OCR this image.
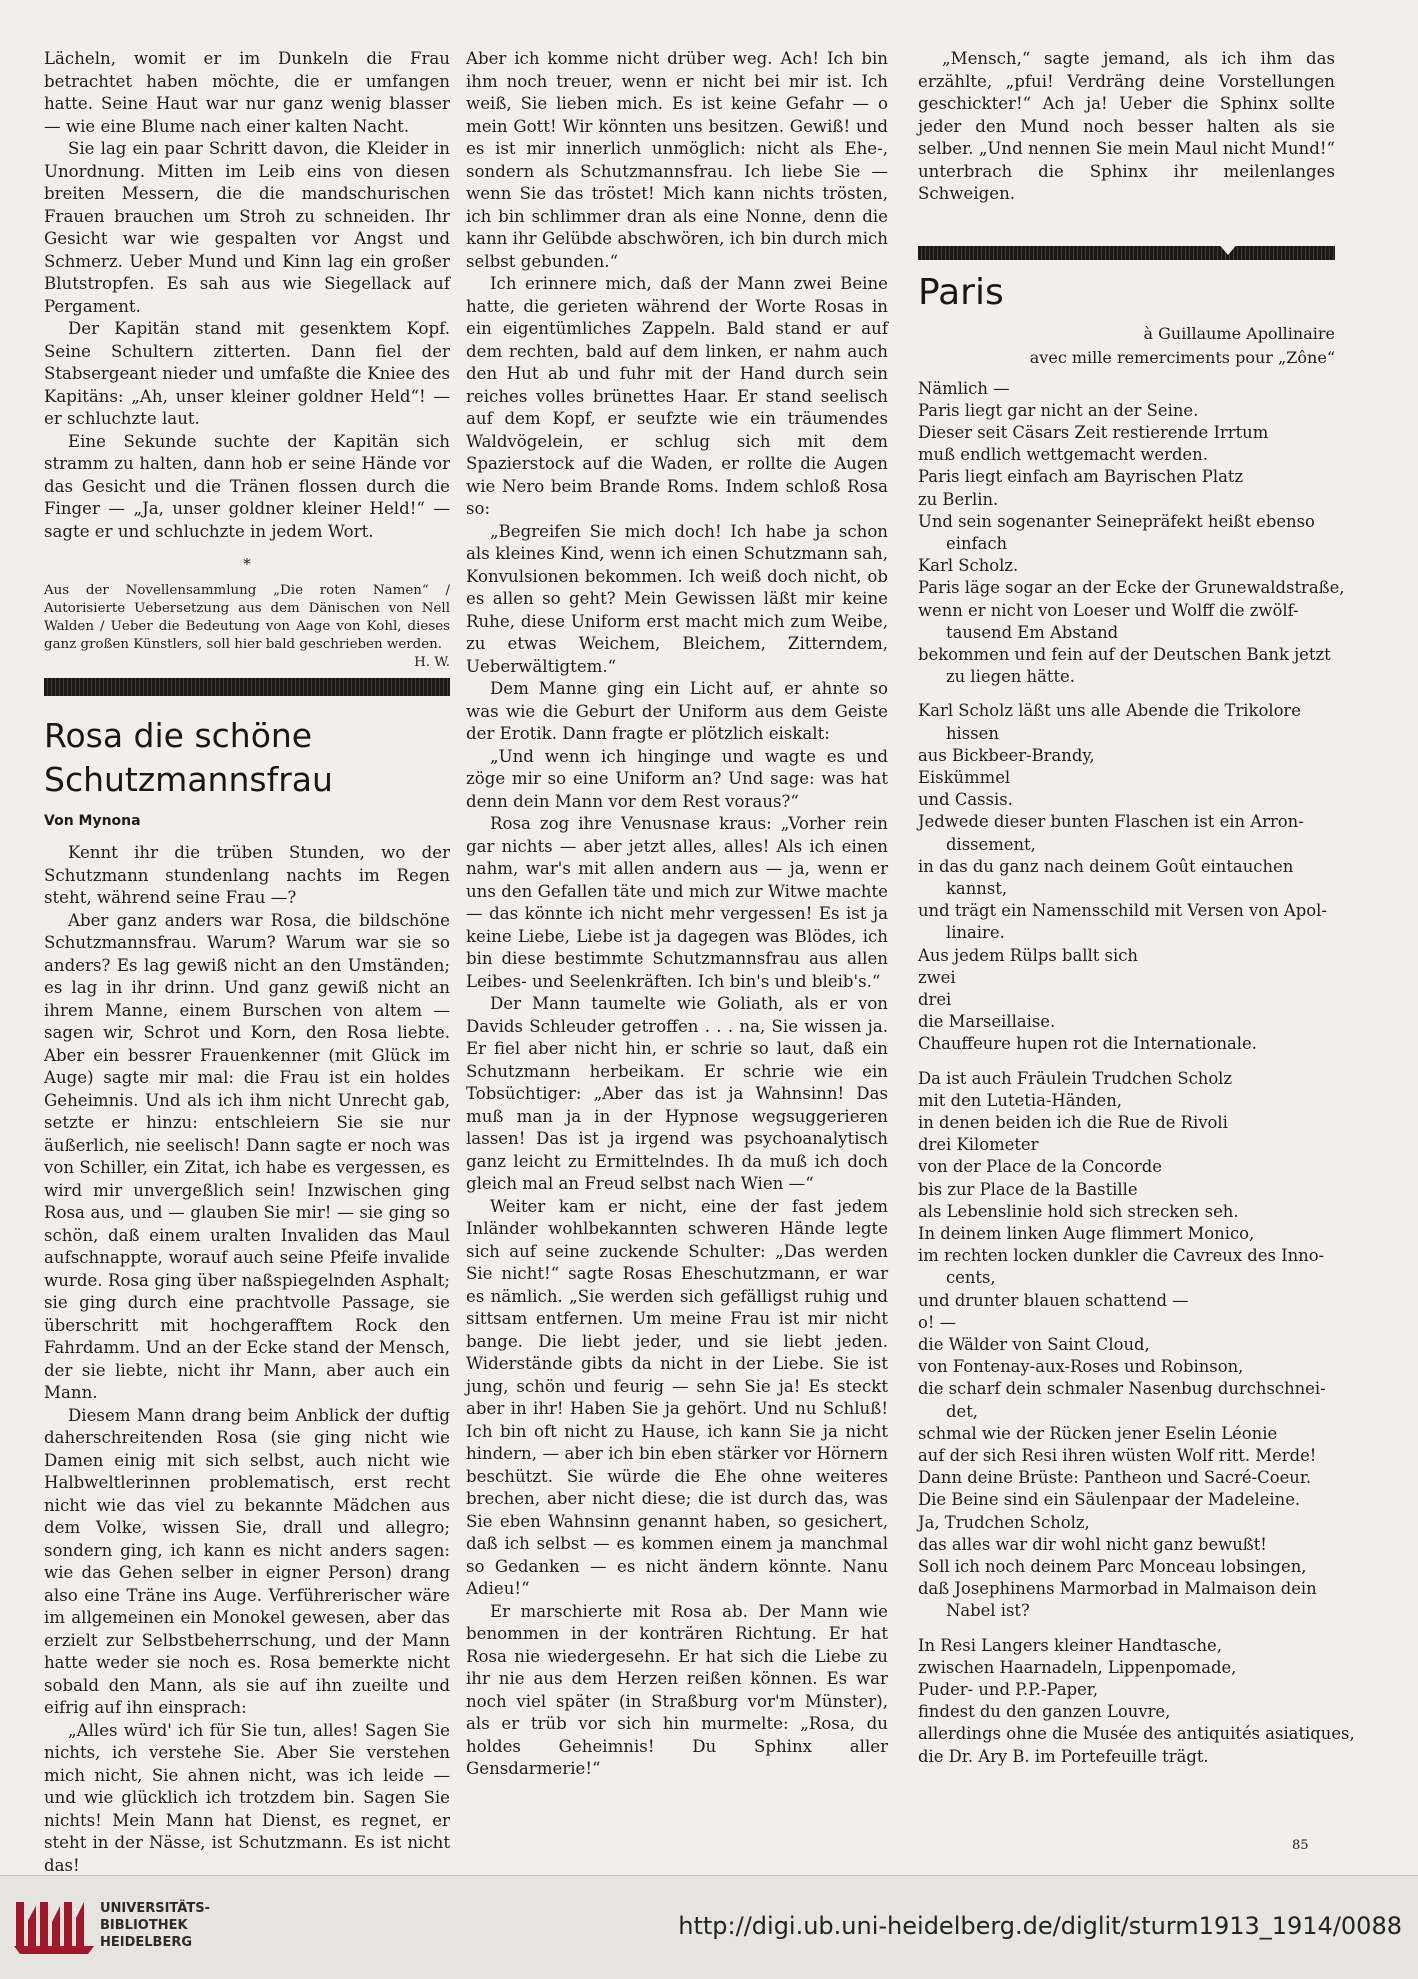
Lächeln, womit er im Dunkeln die Frau betrachtet haben möchte, die er umfangen hatte. Seine Haut war nur ganz wenig blasser — wie eine Blume nach einer kalten Nacht.

Sie lag ein paar Schritt davon, die Kleider in Unordnung. Mitten im Leib eins von diesen breiten Messern, die die mandschurischen Frauen brauchen um Stroh zu schneiden. Ihr Gesicht war wie gespalten vor Angst und Schmerz. Ueber Mund und Kinn lag ein großer Blutstropfen. Es sah aus wie Siegellack auf Pergament.

Der Kapitän stand mit gesenktem Kopf. Seine Schultern zitterten. Dann fiel der Stabsergeant nieder und umfaßte die Kniee des Kapitäns: „Ah, unser kleiner goldner Held“! — er schluchzte laut.

Eine Sekunde suchte der Kapitän sich stramm zu halten, dann hob er seine Hände vor das Gesicht und die Tränen flossen durch die Finger — „Ja, unser goldner kleiner Held!“ — sagte er und schluchzte in jedem Wort.

*
Aus der Novellensammlung „Die roten Namen“ / Autorisierte Uebersetzung aus dem Dänischen von Nell Walden / Ueber die Bedeutung von Aage von Kohl, dieses ganz großen Künstlers, soll hier bald geschrieben werden.
H. W.
Rosa die schöne
Schutzmannsfrau
Von Mynona

Kennt ihr die trüben Stunden, wo der Schutzmann stundenlang nachts im Regen steht, während seine Frau —?

Aber ganz anders war Rosa, die bildschöne Schutzmannsfrau. Warum? Warum war sie so anders? Es lag gewiß nicht an den Umständen; es lag in ihr drinn. Und ganz gewiß nicht an ihrem Manne, einem Burschen von altem — sagen wir, Schrot und Korn, den Rosa liebte. Aber ein bessrer Frauenkenner (mit Glück im Auge) sagte mir mal: die Frau ist ein holdes Geheimnis. Und als ich ihm nicht Unrecht gab, setzte er hinzu: entschleiern Sie sie nur äußerlich, nie seelisch! Dann sagte er noch was von Schiller, ein Zitat, ich habe es vergessen, es wird mir unvergeßlich sein! Inzwischen ging Rosa aus, und — glauben Sie mir! — sie ging so schön, daß einem uralten Invaliden das Maul aufschnappte, worauf auch seine Pfeife invalide wurde. Rosa ging über naßspiegelnden Asphalt; sie ging durch eine prachtvolle Passage, sie überschritt mit hochgerafftem Rock den Fahrdamm. Und an der Ecke stand der Mensch, der sie liebte, nicht ihr Mann, aber auch ein Mann.

Diesem Mann drang beim Anblick der duftig daherschreitenden Rosa (sie ging nicht wie Damen einig mit sich selbst, auch nicht wie Halbweltlerinnen problematisch, erst recht nicht wie das viel zu bekannte Mädchen aus dem Volke, wissen Sie, drall und allegro; sondern ging, ich kann es nicht anders sagen: wie das Gehen selber in eigner Person) drang also eine Träne ins Auge. Verführerischer wäre im allgemeinen ein Monokel gewesen, aber das erzielt zur Selbstbeherrschung, und der Mann hatte weder sie noch es. Rosa bemerkte nicht sobald den Mann, als sie auf ihn zueilte und eifrig auf ihn einsprach:

„Alles würd' ich für Sie tun, alles! Sagen Sie nichts, ich verstehe Sie. Aber Sie verstehen mich nicht, Sie ahnen nicht, was ich leide — und wie glücklich ich trotzdem bin. Sagen Sie nichts! Mein Mann hat Dienst, es regnet, er steht in der Nässe, ist Schutzmann. Es ist nicht das!

Aber ich komme nicht drüber weg. Ach! Ich bin ihm noch treuer, wenn er nicht bei mir ist. Ich weiß, Sie lieben mich. Es ist keine Gefahr — o mein Gott! Wir könnten uns besitzen. Gewiß! und es ist mir innerlich unmöglich: nicht als Ehe-, sondern als Schutzmannsfrau. Ich liebe Sie — wenn Sie das tröstet! Mich kann nichts trösten, ich bin schlimmer dran als eine Nonne, denn die kann ihr Gelübde abschwören, ich bin durch mich selbst gebunden.“

Ich erinnere mich, daß der Mann zwei Beine hatte, die gerieten während der Worte Rosas in ein eigentümliches Zappeln. Bald stand er auf dem rechten, bald auf dem linken, er nahm auch den Hut ab und fuhr mit der Hand durch sein reiches volles brünettes Haar. Er stand seelisch auf dem Kopf, er seufzte wie ein träumendes Waldvögelein, er schlug sich mit dem Spazierstock auf die Waden, er rollte die Augen wie Nero beim Brande Roms. Indem schloß Rosa so:

„Begreifen Sie mich doch! Ich habe ja schon als kleines Kind, wenn ich einen Schutzmann sah, Konvulsionen bekommen. Ich weiß doch nicht, ob es allen so geht? Mein Gewissen läßt mir keine Ruhe, diese Uniform erst macht mich zum Weibe, zu etwas Weichem, Bleichem, Zitterndem, Ueberwältigtem.“

Dem Manne ging ein Licht auf, er ahnte so was wie die Geburt der Uniform aus dem Geiste der Erotik. Dann fragte er plötzlich eiskalt:

„Und wenn ich hinginge und wagte es und zöge mir so eine Uniform an? Und sage: was hat denn dein Mann vor dem Rest voraus?“

Rosa zog ihre Venusnase kraus: „Vorher rein gar nichts — aber jetzt alles, alles! Als ich einen nahm, war's mit allen andern aus — ja, wenn er uns den Gefallen täte und mich zur Witwe machte — das könnte ich nicht mehr vergessen! Es ist ja keine Liebe, Liebe ist ja dagegen was Blödes, ich bin diese bestimmte Schutzmannsfrau aus allen Leibes- und Seelenkräften. Ich bin's und bleib's.“

Der Mann taumelte wie Goliath, als er von Davids Schleuder getroffen . . . na, Sie wissen ja. Er fiel aber nicht hin, er schrie so laut, daß ein Schutzmann herbeikam. Er schrie wie ein Tobsüchtiger: „Aber das ist ja Wahnsinn! Das muß man ja in der Hypnose wegsuggerieren lassen! Das ist ja irgend was psychoanalytisch ganz leicht zu Ermittelndes. Ih da muß ich doch gleich mal an Freud selbst nach Wien —“

Weiter kam er nicht, eine der fast jedem Inländer wohlbekannten schweren Hände legte sich auf seine zuckende Schulter: „Das werden Sie nicht!“ sagte Rosas Eheschutzmann, er war es nämlich. „Sie werden sich gefälligst ruhig und sittsam entfernen. Um meine Frau ist mir nicht bange. Die liebt jeder, und sie liebt jeden. Widerstände gibts da nicht in der Liebe. Sie ist jung, schön und feurig — sehn Sie ja! Es steckt aber in ihr! Haben Sie ja gehört. Und nu Schluß! Ich bin oft nicht zu Hause, ich kann Sie ja nicht hindern, — aber ich bin eben stärker vor Hörnern beschützt. Sie würde die Ehe ohne weiteres brechen, aber nicht diese; die ist durch das, was Sie eben Wahnsinn genannt haben, so gesichert, daß ich selbst — es kommen einem ja manchmal so Gedanken — es nicht ändern könnte. Nanu Adieu!“

Er marschierte mit Rosa ab. Der Mann wie benommen in der konträren Richtung. Er hat Rosa nie wiedergesehn. Er hat sich die Liebe zu ihr nie aus dem Herzen reißen können. Es war noch viel später (in Straßburg vor'm Münster), als er trüb vor sich hin murmelte: „Rosa, du holdes Geheimnis! Du Sphinx aller Gensdarmerie!“

„Mensch,“ sagte jemand, als ich ihm das erzählte, „pfui! Verdräng deine Vorstellungen geschickter!“ Ach ja! Ueber die Sphinx sollte jeder den Mund noch besser halten als sie selber. „Und nennen Sie mein Maul nicht Mund!“ unterbrach die Sphinx ihr meilenlanges Schweigen.

Paris
à Guillaume Apollinaire
avec mille remerciments pour „Zône“
Nämlich —
Paris liegt gar nicht an der Seine.
Dieser seit Cäsars Zeit restierende Irrtum
muß endlich wettgemacht werden.
Paris liegt einfach am Bayrischen Platz
zu Berlin.
Und sein sogenanter Seinepräfekt heißt ebenso
einfach
Karl Scholz.
Paris läge sogar an der Ecke der Grunewaldstraße,
wenn er nicht von Loeser und Wolff die zwölf-
tausend Em Abstand
bekommen und fein auf der Deutschen Bank jetzt
zu liegen hätte.
Karl Scholz läßt uns alle Abende die Trikolore
hissen
aus Bickbeer-Brandy,
Eiskümmel
und Cassis.
Jedwede dieser bunten Flaschen ist ein Arron-
dissement,
in das du ganz nach deinem Goût eintauchen
kannst,
und trägt ein Namensschild mit Versen von Apol-
linaire.
Aus jedem Rülps ballt sich
zwei
drei
die Marseillaise.
Chauffeure hupen rot die Internationale.
Da ist auch Fräulein Trudchen Scholz
mit den Lutetia-Händen,
in denen beiden ich die Rue de Rivoli
drei Kilometer
von der Place de la Concorde
bis zur Place de la Bastille
als Lebenslinie hold sich strecken seh.
In deinem linken Auge flimmert Monico,
im rechten locken dunkler die Cavreux des Inno-
cents,
und drunter blauen schattend —
o! —
die Wälder von Saint Cloud,
von Fontenay-aux-Roses und Robinson,
die scharf dein schmaler Nasenbug durchschnei-
det,
schmal wie der Rücken jener Eselin Léonie
auf der sich Resi ihren wüsten Wolf ritt. Merde!
Dann deine Brüste: Pantheon und Sacré-Coeur.
Die Beine sind ein Säulenpaar der Madeleine.
Ja, Trudchen Scholz,
das alles war dir wohl nicht ganz bewußt!
Soll ich noch deinem Parc Monceau lobsingen,
daß Josephinens Marmorbad in Malmaison dein
Nabel ist?
In Resi Langers kleiner Handtasche,
zwischen Haarnadeln, Lippenpomade,
Puder- und P.P.-Paper,
findest du den ganzen Louvre,
allerdings ohne die Musée des antiquités asiatiques,
die Dr. Ary B. im Portefeuille trägt.
85
UNIVERSITÄTS-
BIBLIOTHEK
HEIDELBERG
http://digi.ub.uni-heidelberg.de/diglit/sturm1913_1914/0088
